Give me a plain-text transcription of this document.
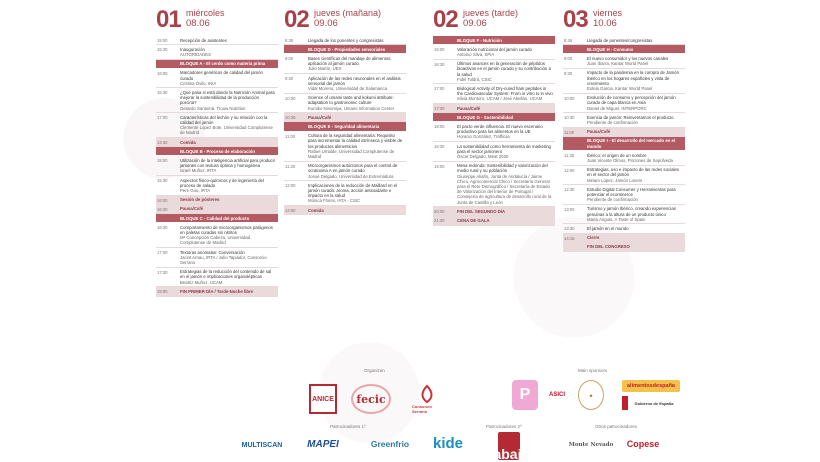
01 miércoles
08.06
15:00	Recepción de asistentes
15:30	Inauguración
AUTORIDADES
BLOQUE A - El cerdo como materia prima
16:00	Marcadores genéticos de calidad del jamón curado
Cristina Óvilo, INIA
16:30	¿Qué pasa si está dando la Nutrición Animal para mejorar la sostenibilidad de la producción porcina?
Gerardo Santomá, Trouw Nutrition
17:00	Características del lechón y su relación con la calidad del jamón
Clemente López Bote, Universidad Complutense de Madrid
13:30	Comida
BLOQUE B - Proceso de elaboración
15:00	Utilización de la inteligencia artificial para producir jamones con textura óptima y homogénea
Israel Muñoz, IRTA
15:30	Aspectos físico-químicos y de ingeniería del proceso de salado
Pere Gou, IRTA
16:00	Sesión de pósteres
16:30	Pausa/Café
BLOQUE C - Calidad del producto
16:30	Comportamiento de microorganismos patógenos en paletas curadas sin nitritos
Mª Concepción Cabeza, Universidad Complutense de Madrid
17:00	Texturas anómalas: Conversación
Jacint Arnau, IRTA / Julio Tapiador, Consorcio Serrano
17:30	Estrategias de la reducción del contenido de sal en el jamón e implicaciones organolépticas
Beatriz Muñoz, UCAM
18:00	FIN PRIMER DÍA / Tarde-Noche libre
02 jueves (mañana)
09.06
8:30	Llegada de los ponentes y congresistas
BLOQUE D - Propiedades sensoriales
9:00	Bases científicas del maridaje de alimentos: aplicación al jamón curado
Julio Martín, UEX
9:30	Aplicación de las redes neuronales en el análisis sensorial del jamón
Vidal Moreno, Universidad de Salamanca
10:00	Science of umami taste and kokumi attribute: adaptation to gastronomic culture
Kumiko Ninomiya, Umami Information Center
10:30	Pausa/Café
BLOQUE E - Seguridad alimentaria
11:00	Cultura de la seguridad alimentaria: Requisito para incrementar la calidad intrínseca y visible de los productos alimenticios
Rafael Urrialde, Universidad Complutense de Madrid
11:30	Microorganismos autóctonos para el control de ocratoxina A en jamón curado
Josué Delgado, Universidad de Extremadura
12:00	Implicaciones de la reducción de Maillard en el jamón curado: aroma, acción antioxidante e impacto en la salud
Mónica Flores, IATA - CSIC
14:00	Comida
02 jueves (tarde)
09.06
BLOQUE F - Nutrición
16:00	Valoración nutricional del jamón curado
Antonio Silva, SPIA
16:30	Últimos avances en la generación de péptidos bioactivos en el jamón curado y su contribución a la salud
Fidel Toldrá, CSIC
17:00	Biological Activity of Dry-cured ham peptides in the Cardiovascular System: From in vitro to in vivo
Silvia Montoro, UCAM / José Abellán, UCAM
17:30	Pausa/Café
BLOQUE G - Sostenibilidad
18:00	El pacto verde influencia. El nuevo escenario productivo para los alimentos en la UE
Horacio González, Trafficsa
18:30	La sostenibilidad como herramienta de marketing para el sector jamonero
Óscar Delgado, Meat 2030
19:00	Mesa redonda: Sostenibilidad y valorización del medio rural y su población
Giuseppe Aliaño, Junta de Andalucía / Jaime Chico, Agrocomercial Chico / Secretaría General para el Reto Demográfico / Secretaría de Estado de Valorización del Interior de Portugal / Consejería de agricultura de desarrollo rural de la Junta de Castilla y León
20:00	FIN DEL SEGUNDO DÍA
21:30	CENA DE GALA
03 viernes
10.06
8:45	Llegada de ponentes/congresistas
BLOQUE H - Consumo
9:00	El nuevo consumidor y los nuevos canales
Juan Ibarra, Kantar World Panel
9:30	Impacto de la pandemia en la compra de Jamón Ibérico en los hogares españoles y vista de crecimiento
Estela Garcia, Kantar World Panel
10:00	Evolución de consumo y percepción del jamón curado de capa blanca en Asia
Daniel de Miguel, INTERPORC
10:30	Exencia de jamón: Reinventamos el producto
Pendiente de confirmación
11:00	Pausa/Café
BLOQUE I - El desarrollo del mercado en el mundo
11:30	Ibérico: el origen de un nombre
Juan Vicente Olmos, Pinzones de Sepúlveda
12:00	Estrategias, uso e impacto de las redes sociales en el sector del jamón
Miriam López, Jamón Lovers
12:30	Estudio Digital Consumer y Herramientas para potenciar el ecommerce
Pendiente de confirmación
13:00	Turismo y jamón Ibérico, creando experiencias genuinas a la altura de un producto único
Marta Angulo, A Taste of Spain
13:30	El jamón en el mundo
14:15	Cierre
FIN DEL CONGRESO
Organizan	Main sponsors
Patrocinadores 1º	Patrocinadores 2º	Otros patrocinadores
ANICE	fecic
Consorcio Serrano
P	ASICI	★
alimentosdespaña
Gobierno de España
MULTISCAN	MAPEI	Greenfrio	kide	T Trabajos
Monte Nevado	Copese
